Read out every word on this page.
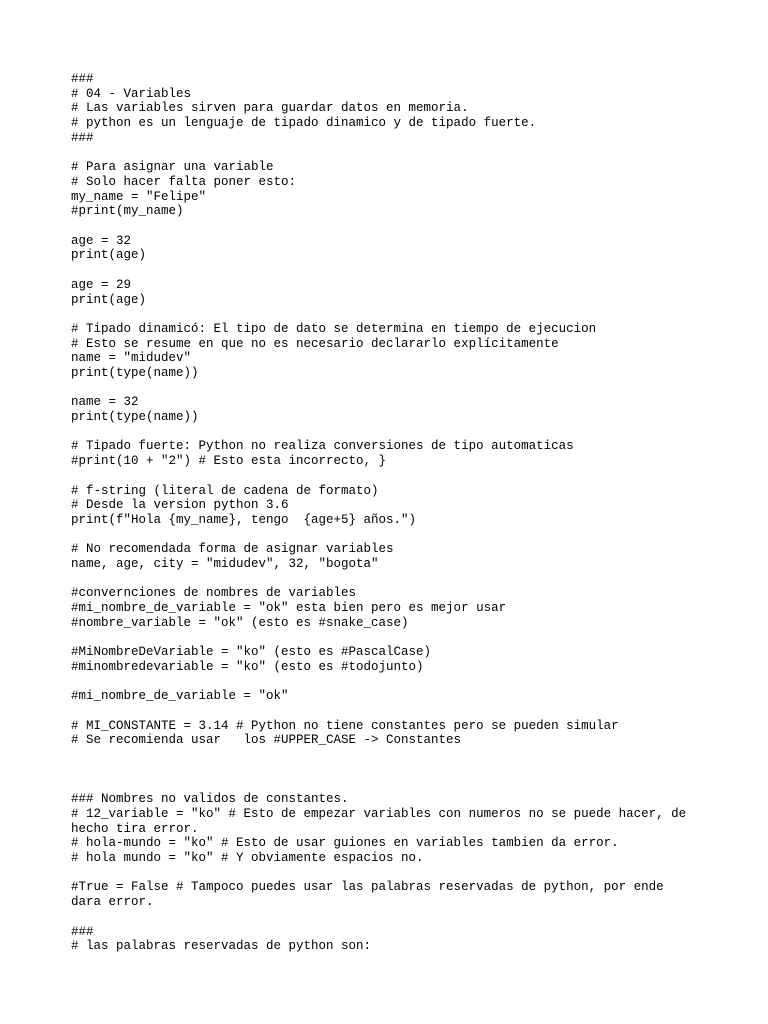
###
# 04 - Variables
# Las variables sirven para guardar datos en memoria.
# python es un lenguaje de tipado dinamico y de tipado fuerte.
###
# Para asignar una variable
# Solo hacer falta poner esto:
my_name = "Felipe"
#print(my_name)
age = 32
print(age)
age = 29
print(age)
# Tipado dinamicó: El tipo de dato se determina en tiempo de ejecucion
# Esto se resume en que no es necesario declararlo explícitamente
name = "midudev"
print(type(name))
name = 32
print(type(name))
# Tipado fuerte: Python no realiza conversiones de tipo automaticas
#print(10 + "2") # Esto esta incorrecto, }
# f-string (literal de cadena de formato)
# Desde la version python 3.6
print(f"Hola {my_name}, tengo  {age+5} años.")
# No recomendada forma de asignar variables
name, age, city = "midudev", 32, "bogota"
#convernciones de nombres de variables
#mi_nombre_de_variable = "ok" esta bien pero es mejor usar
#nombre_variable = "ok" (esto es #snake_case)
#MiNombreDeVariable = "ko" (esto es #PascalCase)
#minombredevariable = "ko" (esto es #todojunto)
#mi_nombre_de_variable = "ok"
# MI_CONSTANTE = 3.14 # Python no tiene constantes pero se pueden simular
# Se recomienda usar   los #UPPER_CASE -> Constantes
### Nombres no validos de constantes.
# 12_variable = "ko" # Esto de empezar variables con numeros no se puede hacer, de
hecho tira error.
# hola-mundo = "ko" # Esto de usar guiones en variables tambien da error.
# hola mundo = "ko" # Y obviamente espacios no.
#True = False # Tampoco puedes usar las palabras reservadas de python, por ende
dara error.
###
# las palabras reservadas de python son:
